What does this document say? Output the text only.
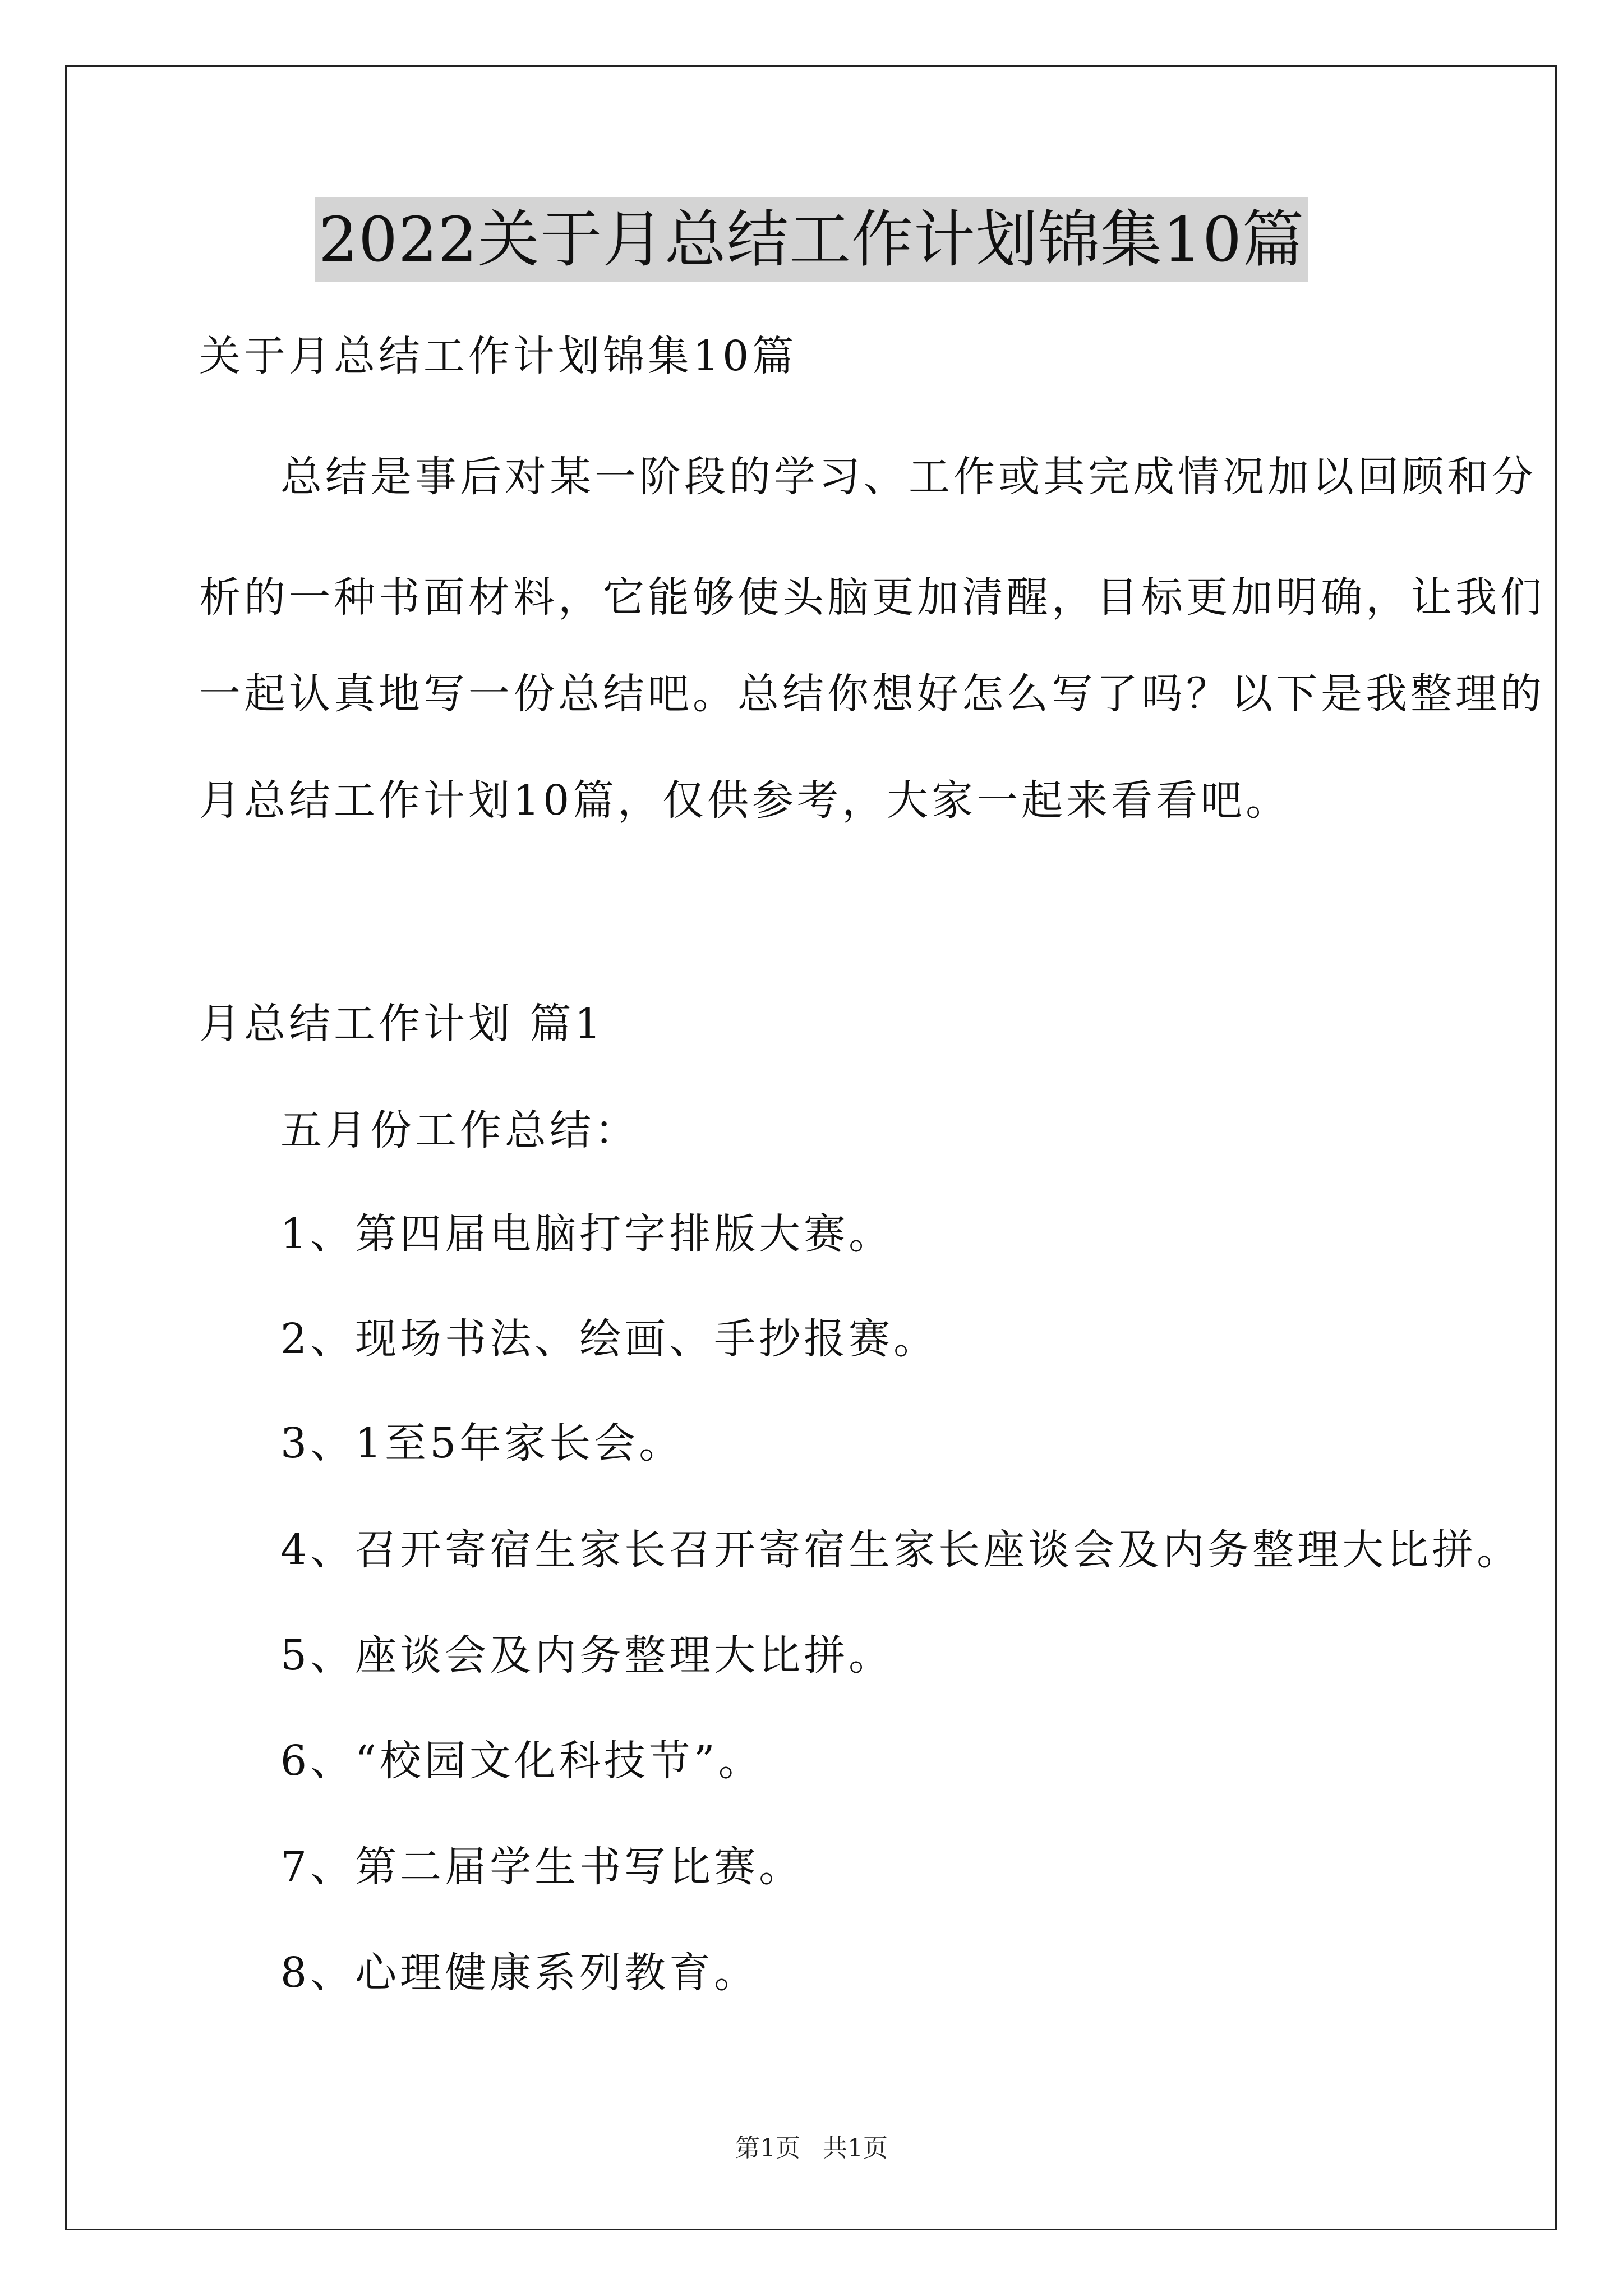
2022关于月总结工作计划锦集10篇
关于月总结工作计划锦集10篇
总结是事后对某一阶段的学习、工作或其完成情况加以回顾和分
析的一种书面材料，它能够使头脑更加清醒，目标更加明确，让我们
一起认真地写一份总结吧。总结你想好怎么写了吗？以下是我整理的
月总结工作计划10篇，仅供参考，大家一起来看看吧。
月总结工作计划 篇1
五月份工作总结：
1、第四届电脑打字排版大赛。
2、现场书法、绘画、手抄报赛。
3、1至5年家长会。
4、召开寄宿生家长召开寄宿生家长座谈会及内务整理大比拼。
5、座谈会及内务整理大比拼。
6、“校园文化科技节”。
7、第二届学生书写比赛。
8、心理健康系列教育。
第1页 共1页
